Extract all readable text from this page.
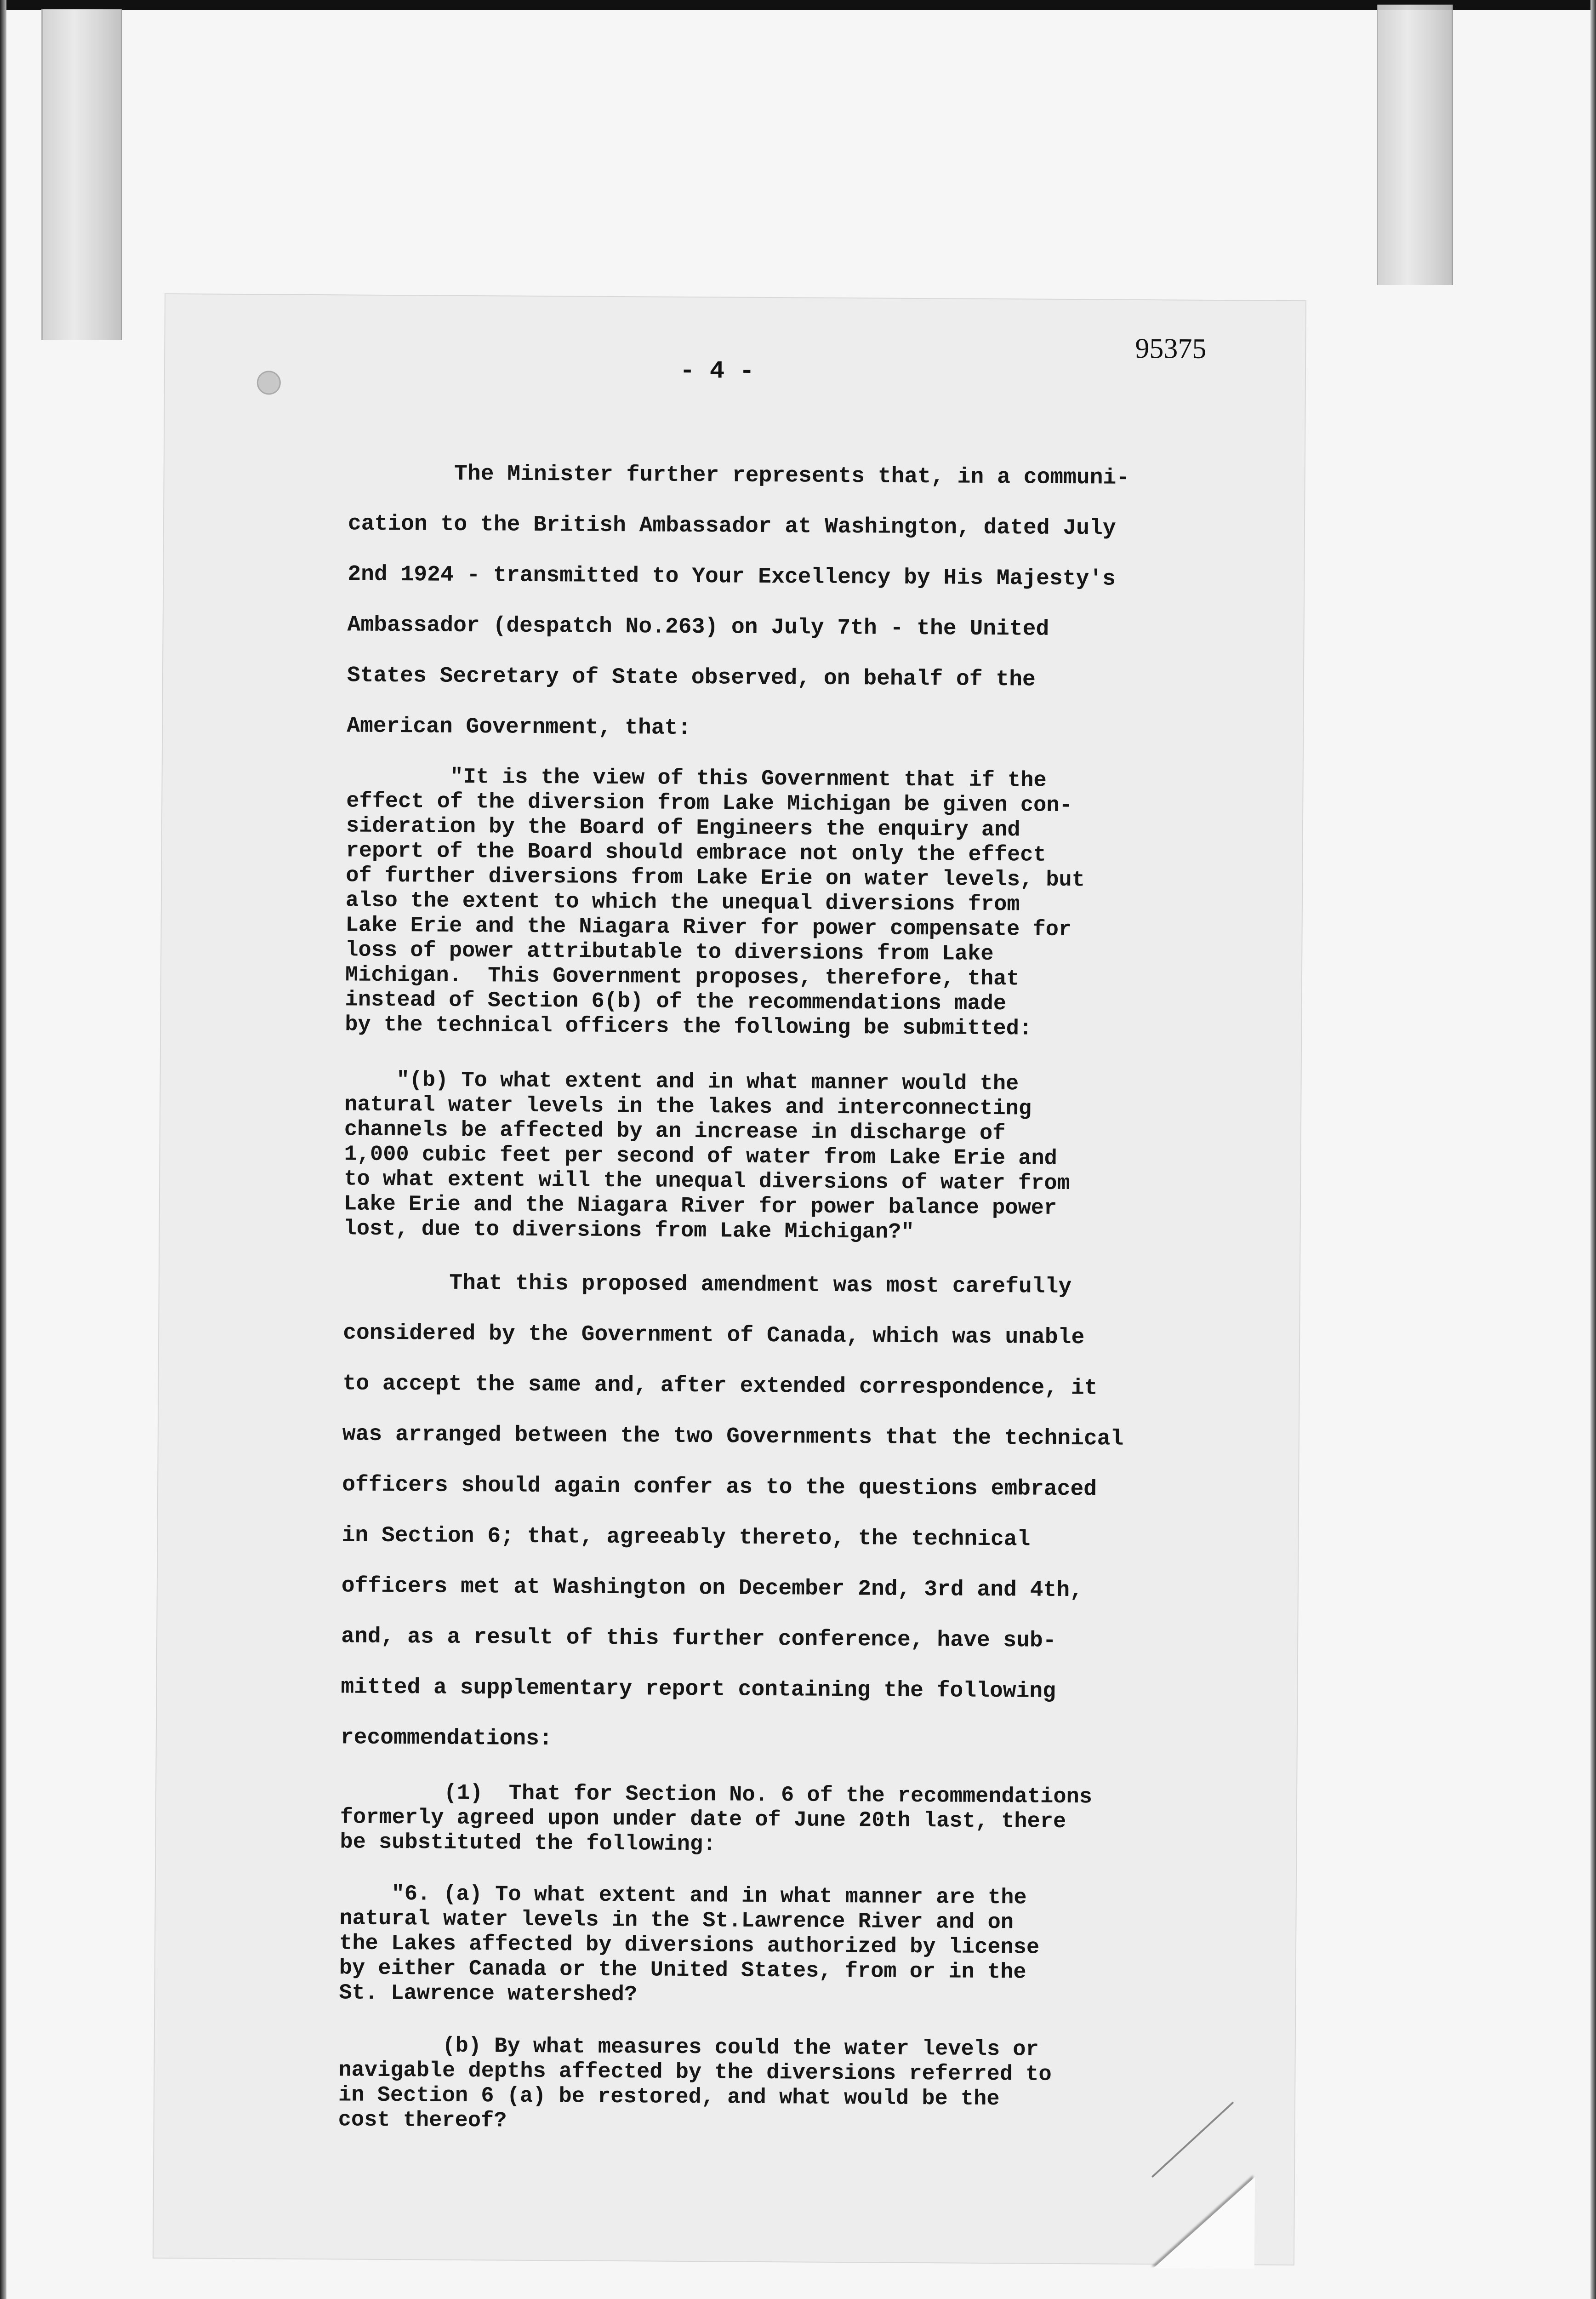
95375
- 4 -
The Minister further represents that, in a communi-
cation to the British Ambassador at Washington, dated July
2nd 1924 - transmitted to Your Excellency by His Majesty's
Ambassador (despatch No.263) on July 7th - the United
States Secretary of State observed, on behalf of the
American Government, that:
"It is the view of this Government that if the
effect of the diversion from Lake Michigan be given con-
sideration by the Board of Engineers the enquiry and
report of the Board should embrace not only the effect
of further diversions from Lake Erie on water levels, but
also the extent to which the unequal diversions from
Lake Erie and the Niagara River for power compensate for
loss of power attributable to diversions from Lake
Michigan.  This Government proposes, therefore, that
instead of Section 6(b) of the recommendations made
by the technical officers the following be submitted:
"(b) To what extent and in what manner would the
natural water levels in the lakes and interconnecting
channels be affected by an increase in discharge of
1,000 cubic feet per second of water from Lake Erie and
to what extent will the unequal diversions of water from
Lake Erie and the Niagara River for power balance power
lost, due to diversions from Lake Michigan?"
That this proposed amendment was most carefully
considered by the Government of Canada, which was unable
to accept the same and, after extended correspondence, it
was arranged between the two Governments that the technical
officers should again confer as to the questions embraced
in Section 6; that, agreeably thereto, the technical
officers met at Washington on December 2nd, 3rd and 4th,
and, as a result of this further conference, have sub-
mitted a supplementary report containing the following
recommendations:
(1)  That for Section No. 6 of the recommendations
formerly agreed upon under date of June 20th last, there
be substituted the following:
"6. (a) To what extent and in what manner are the
natural water levels in the St.Lawrence River and on
the Lakes affected by diversions authorized by license
by either Canada or the United States, from or in the
St. Lawrence watershed?
(b) By what measures could the water levels or
navigable depths affected by the diversions referred to
in Section 6 (a) be restored, and what would be the
cost thereof?
